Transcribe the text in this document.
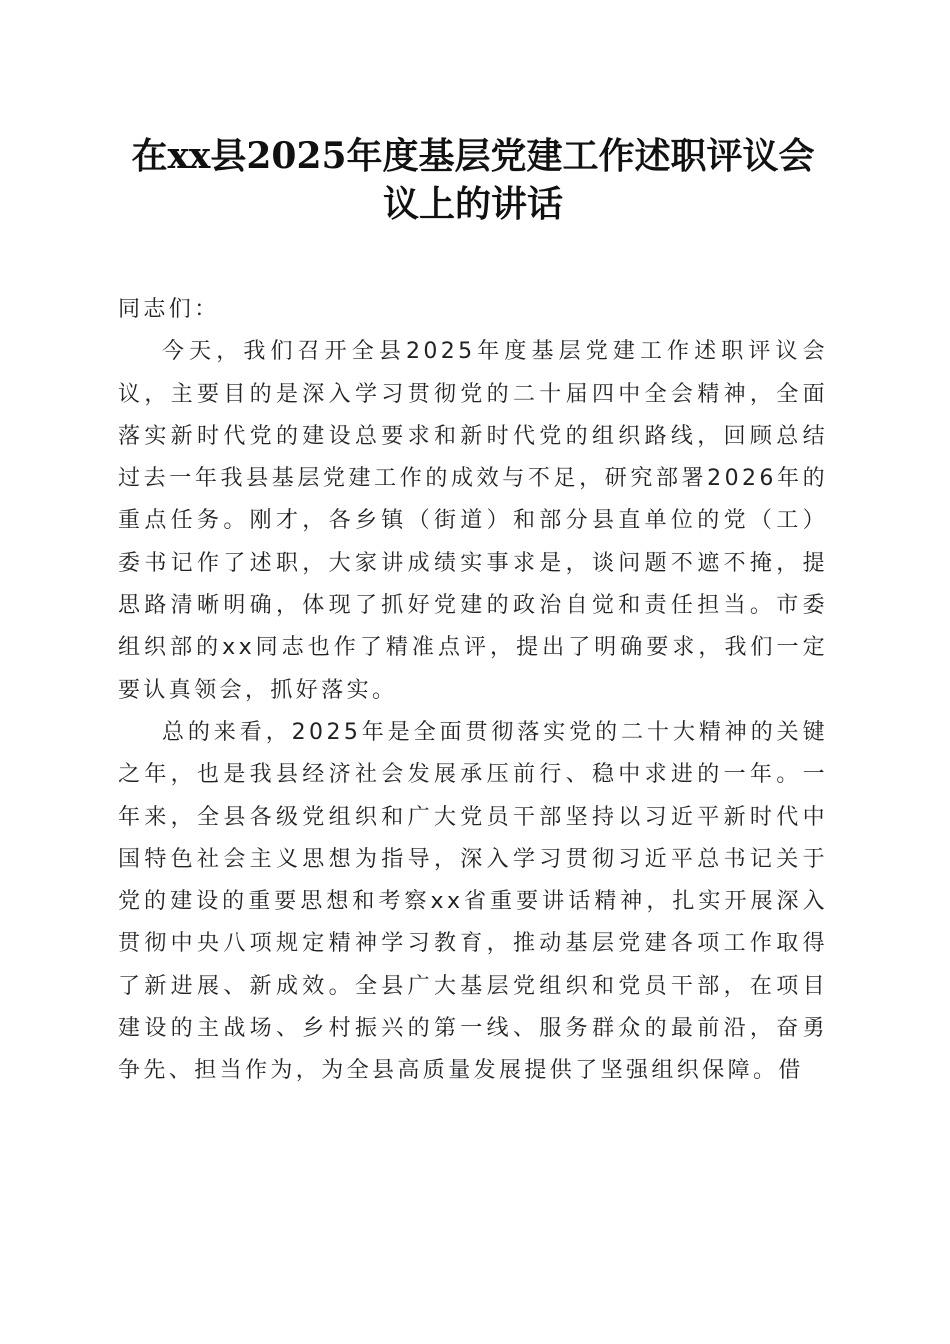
在xx县2025年度基层党建工作述职评议会议上的讲话

同志们：

今天，我们召开全县2025年度基层党建工作述职评议会议，主要目的是深入学习贯彻党的二十届四中全会精神，全面落实新时代党的建设总要求和新时代党的组织路线，回顾总结过去一年我县基层党建工作的成效与不足，研究部署2026年的重点任务。刚才，各乡镇（街道）和部分县直单位的党（工）委书记作了述职，大家讲成绩实事求是，谈问题不遮不掩，提思路清晰明确，体现了抓好党建的政治自觉和责任担当。市委组织部的xx同志也作了精准点评，提出了明确要求，我们一定要认真领会，抓好落实。

总的来看，2025年是全面贯彻落实党的二十大精神的关键之年，也是我县经济社会发展承压前行、稳中求进的一年。一年来，全县各级党组织和广大党员干部坚持以习近平新时代中国特色社会主义思想为指导，深入学习贯彻习近平总书记关于党的建设的重要思想和考察xx省重要讲话精神，扎实开展深入贯彻中央八项规定精神学习教育，推动基层党建各项工作取得了新进展、新成效。全县广大基层党组织和党员干部，在项目建设的主战场、乡村振兴的第一线、服务群众的最前沿，奋勇争先、担当作为，为全县高质量发展提供了坚强组织保障。借
